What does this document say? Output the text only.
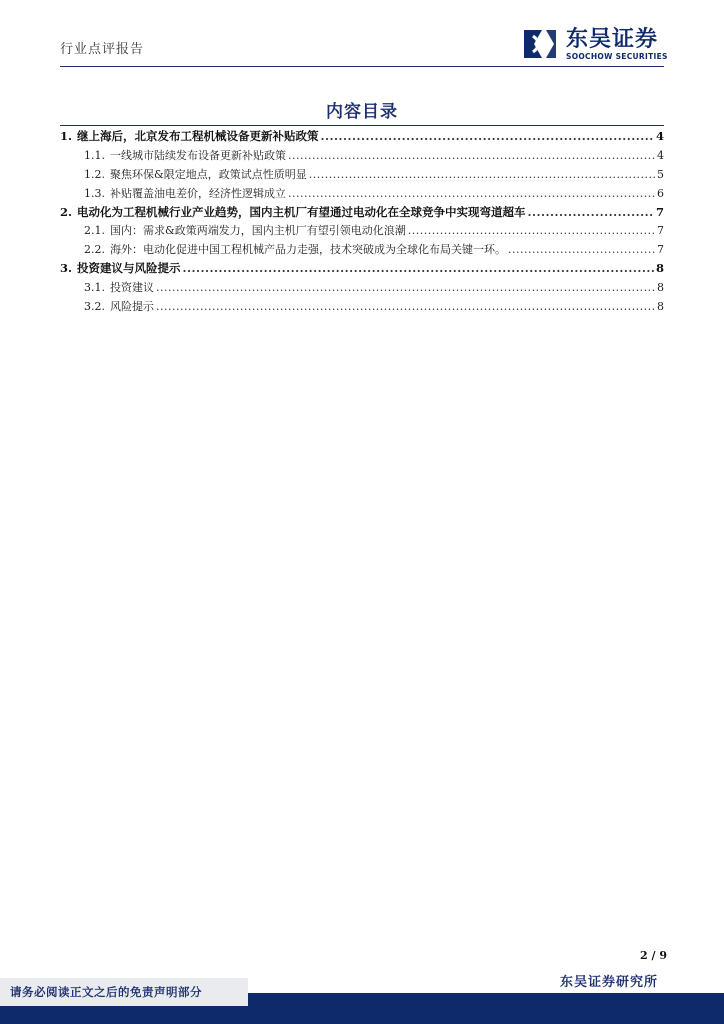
行业点评报告	东吴证券
SOOCHOW SECURITIES
内容目录
1. 继上海后，北京发布工程机械设备更新补贴政策 .....	4
1.1. 一线城市陆续发布设备更新补贴政策 .....	4
1.2. 聚焦环保&限定地点，政策试点性质明显 .....	5
1.3. 补贴覆盖油电差价，经济性逻辑成立 .....	6
2. 电动化为工程机械行业产业趋势，国内主机厂有望通过电动化在全球竞争中实现弯道超车 .....	7
2.1. 国内：需求&政策两端发力，国内主机厂有望引领电动化浪潮 .....	7
2.2. 海外：电动化促进中国工程机械产品力走强，技术突破成为全球化布局关键一环。 .....	7
3. 投资建议与风险提示 .....	8
3.1. 投资建议 .....	8
3.2. 风险提示 .....	8
2 / 9
东吴证券研究所
请务必阅读正文之后的免责声明部分
